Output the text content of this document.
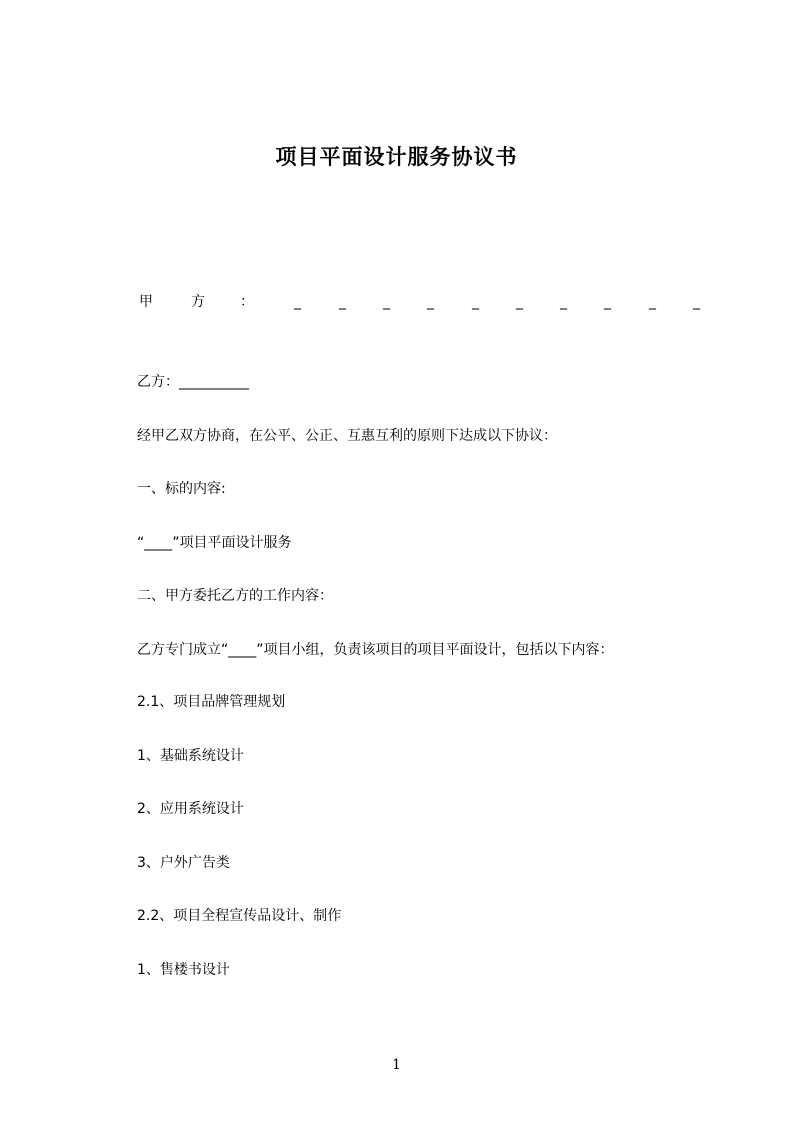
项目平面设计服务协议书
甲	方	：	_	_	_	_	_	_	_	_	_	_
乙方：__________
经甲乙双方协商，在公平、公正、互惠互利的原则下达成以下协议：
一、标的内容:
“____”项目平面设计服务
二、甲方委托乙方的工作内容：
乙方专门成立“____”项目小组，负责该项目的项目平面设计，包括以下内容：
2.1、项目品牌管理规划
1、基础系统设计
2、应用系统设计
3、户外广告类
2.2、项目全程宣传品设计、制作
1、售楼书设计
1
